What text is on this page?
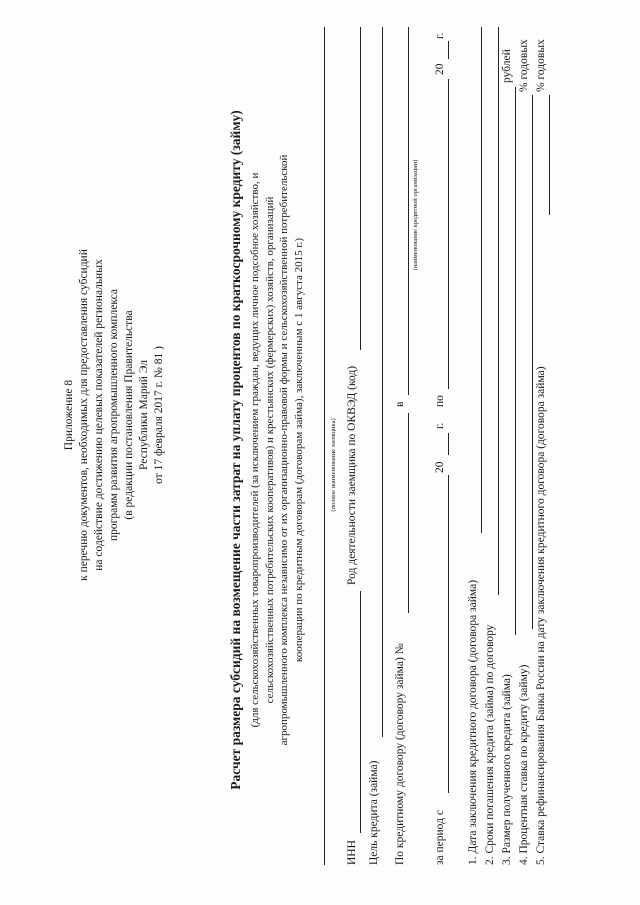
Приложение 8 к перечню документов, необходимых для предоставления субсидий на содействие достижению целевых показателей региональных программ развития агропромышленного комплекса (в редакции постановления Правительства Республики Марий Эл от 17 февраля 2017 г. № 81 )	Расчет размера субсидий на возмещение части затрат на уплату процентов по краткосрочному кредиту (займу) (для сельскохозяйственных товаропроизводителей (за исключением граждан, ведущих личное подсобное хозяйство, и сельскохозяйственных потребительских кооперативов) и крестьянских (фермерских) хозяйств, организаций агропромышленного комплекса независимо от их организационно-правовой формы и сельскохозяйственной потребительской кооперации по кредитным договорам (договорам займа), заключенным с 1 августа 2015 г.)	(полное наименование заемщика)
ИНН
Род деятельности заемщика по ОКВЭД (код)
Цель кредита (займа) По кредитному договору (договору займа) №
в
(наименование кредитной организации)
за период с
20
г.
по
20
г.
1. Дата заключения кредитного договора (договора займа) 2. Сроки погашения кредита (займа) по договору 3. Размер полученного кредита (займа)
рублей
4. Процентная ставка по кредиту (займу)
% годовых
5. Ставка рефинансирования Банка России на дату заключения кредитного договора (договора займа)
% годовых
